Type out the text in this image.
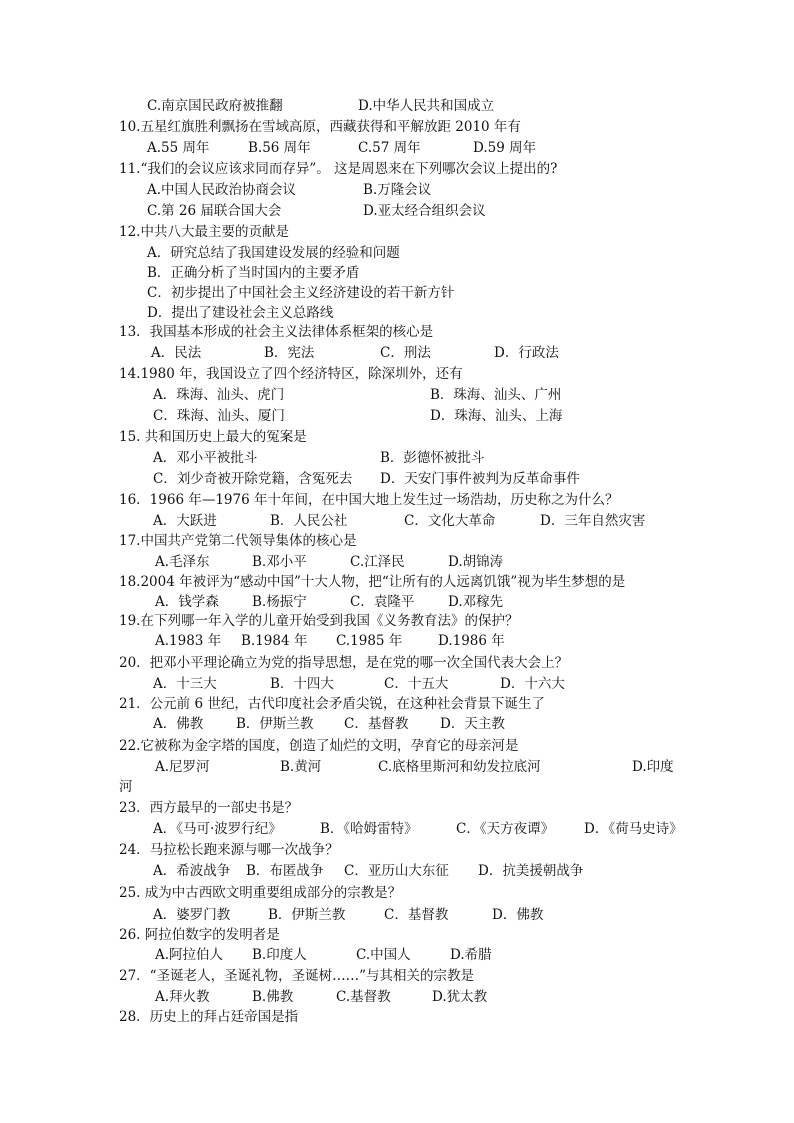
C.南京国民政府被推翻	D.中华人民共和国成立
10.五星红旗胜利飘扬在雪域高原，西藏获得和平解放距 2010 年有
A.55 周年	B.56 周年	C.57 周年	D.59 周年
11.“我们的会议应该求同而存异”。 这是周恩来在下列哪次会议上提出的?
A.中国人民政治协商会议	B.万隆会议
C.第 26 届联合国大会	D.亚太经合组织会议
12.中共八大最主要的贡献是
A．研究总结了我国建设发展的经验和问题
B．正确分析了当时国内的主要矛盾
C．初步提出了中国社会主义经济建设的若干新方针
D．提出了建设社会主义总路线
13．我国基本形成的社会主义法律体系框架的核心是
A．民法	B．宪法	C．刑法	D．行政法
14.1980 年，我国设立了四个经济特区，除深圳外，还有
A．珠海、汕头、虎门	B．珠海、汕头、广州
C．珠海、汕头、厦门	D．珠海、汕头、上海
15. 共和国历史上最大的冤案是
A．邓小平被批斗	B．彭德怀被批斗
C．刘少奇被开除党籍，含冤死去 D．天安门事件被判为反革命事件
16．1966 年—1976 年十年间，在中国大地上发生过一场浩劫，历史称之为什么？
A．大跃进	B．人民公社	C．文化大革命	D．三年自然灾害
17.中国共产党第二代领导集体的核心是
A.毛泽东	B.邓小平	C.江泽民	D.胡锦涛
18.2004 年被评为“感动中国”十大人物，把“让所有的人远离饥饿”视为毕生梦想的是
A．钱学森 B.杨振宁	C．袁隆平 D.邓稼先
19.在下列哪一年入学的儿童开始受到我国《义务教育法》的保护？
A.1983 年 B.1984 年 C.1985 年	D.1986 年
20．把邓小平理论确立为党的指导思想，是在党的哪一次全国代表大会上？
A．十三大	B．十四大	C．十五大	D．十六大
21．公元前 6 世纪，古代印度社会矛盾尖锐，在这种社会背景下诞生了
A．佛教 B．伊斯兰教 C．基督教 D．天主教
22.它被称为金字塔的国度，创造了灿烂的文明，孕育它的母亲河是
A.尼罗河	B.黄河	C.底格里斯河和幼发拉底河	D.印度
河
23．西方最早的一部史书是？
A．《马可·波罗行纪》	B．《哈姆雷特》	C．《天方夜谭》 D．《荷马史诗》
24．马拉松长跑来源与哪一次战争？
A．希波战争 B．布匿战争 C．亚历山大东征 D．抗美援朝战争
25. 成为中古西欧文明重要组成部分的宗教是？
A．婆罗门教	B．伊斯兰教	C．基督教	D．佛教
26. 阿拉伯数字的发明者是
A.阿拉伯人 B.印度人	C.中国人	D.希腊
27．“圣诞老人，圣诞礼物，圣诞树……”与其相关的宗教是
A.拜火教	B.佛教	C.基督教	D.犹太教
28．历史上的拜占廷帝国是指
